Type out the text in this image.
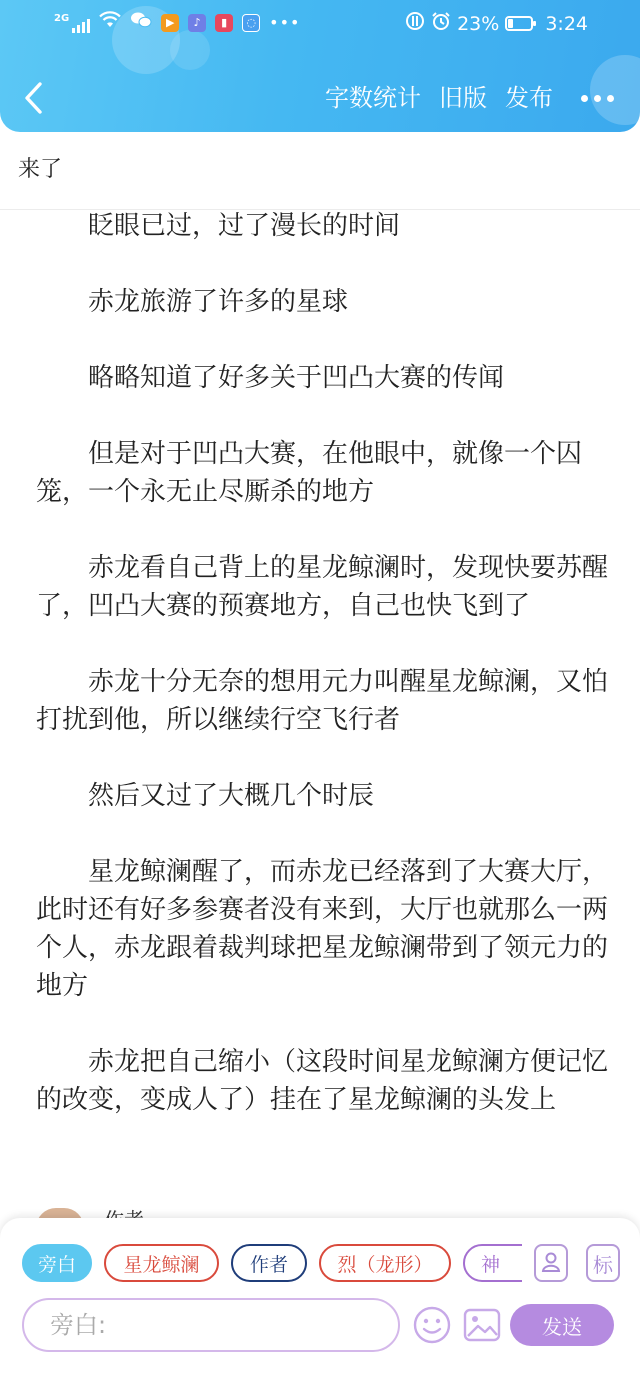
2G	▶	♪	▮	◌ •••	23% 3:24
字数统计 旧版 发布
来了

眨眼已过，过了漫长的时间

赤龙旅游了许多的星球

略略知道了好多关于凹凸大赛的传闻

但是对于凹凸大赛，在他眼中，就像一个囚笼，一个永无止尽厮杀的地方

赤龙看自己背上的星龙鲸澜时，发现快要苏醒了，凹凸大赛的预赛地方，自己也快飞到了

赤龙十分无奈的想用元力叫醒星龙鲸澜，又怕打扰到他，所以继续行空飞行者

然后又过了大概几个时辰

星龙鲸澜醒了，而赤龙已经落到了大赛大厅，此时还有好多参赛者没有来到，大厅也就那么一两个人，赤龙跟着裁判球把星龙鲸澜带到了领元力的地方

赤龙把自己缩小（这段时间星龙鲸澜方便记忆的改变，变成人了）挂在了星龙鲸澜的头发上

旁白 星龙鲸澜	作者	烈（龙形）	神	标
旁白:
发送
